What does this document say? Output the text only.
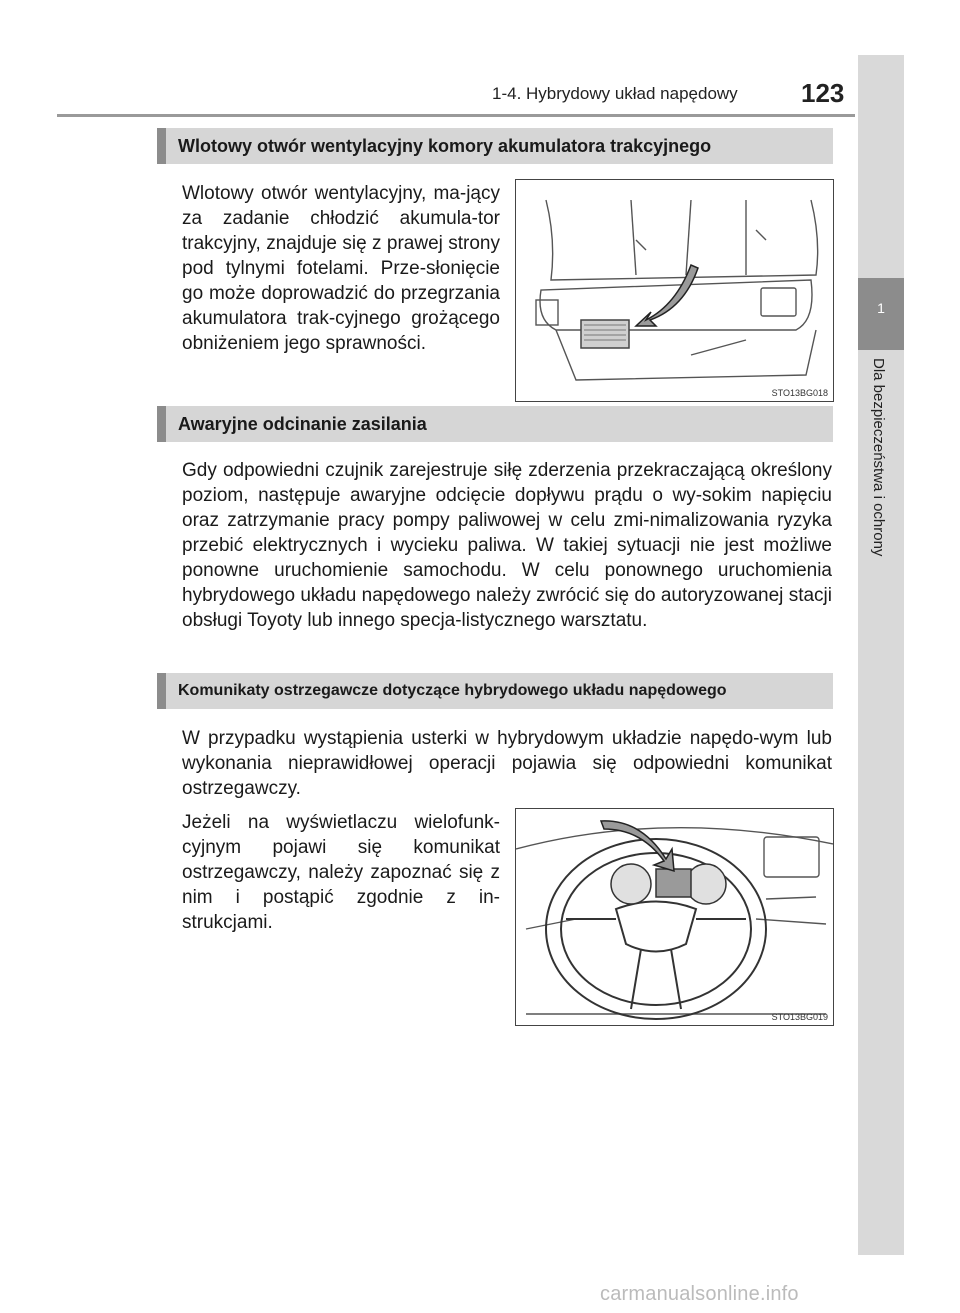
1-4. Hybrydowy układ napędowy 123
1
Dla bezpieczeństwa i ochrony
Wlotowy otwór wentylacyjny komory akumulatora trakcyjnego

Wlotowy otwór wentylacyjny, ma-jący za zadanie chłodzić akumula-tor trakcyjny, znajduje się z prawej strony pod tylnymi fotelami. Prze-słonięcie go może doprowadzić do przegrzania akumulatora trak-cyjnego grożącego obniżeniem jego sprawności.

STO13BG018
Awaryjne odcinanie zasilania

Gdy odpowiedni czujnik zarejestruje siłę zderzenia przekraczającą określony poziom, następuje awaryjne odcięcie dopływu prądu o wy-sokim napięciu oraz zatrzymanie pracy pompy paliwowej w celu zmi-nimalizowania ryzyka przebić elektrycznych i wycieku paliwa. W takiej sytuacji nie jest możliwe ponowne uruchomienie samochodu. W celu ponownego uruchomienia hybrydowego układu napędowego należy zwrócić się do autoryzowanej stacji obsługi Toyoty lub innego specja-listycznego warsztatu.

Komunikaty ostrzegawcze dotyczące hybrydowego układu napędowego

W przypadku wystąpienia usterki w hybrydowym układzie napędo-wym lub wykonania nieprawidłowej operacji pojawia się odpowiedni komunikat ostrzegawczy.

Jeżeli na wyświetlaczu wielofunk-cyjnym pojawi się komunikat ostrzegawczy, należy zapoznać się z nim i postąpić zgodnie z in-strukcjami.

STO13BG019
carmanualsonline.info
